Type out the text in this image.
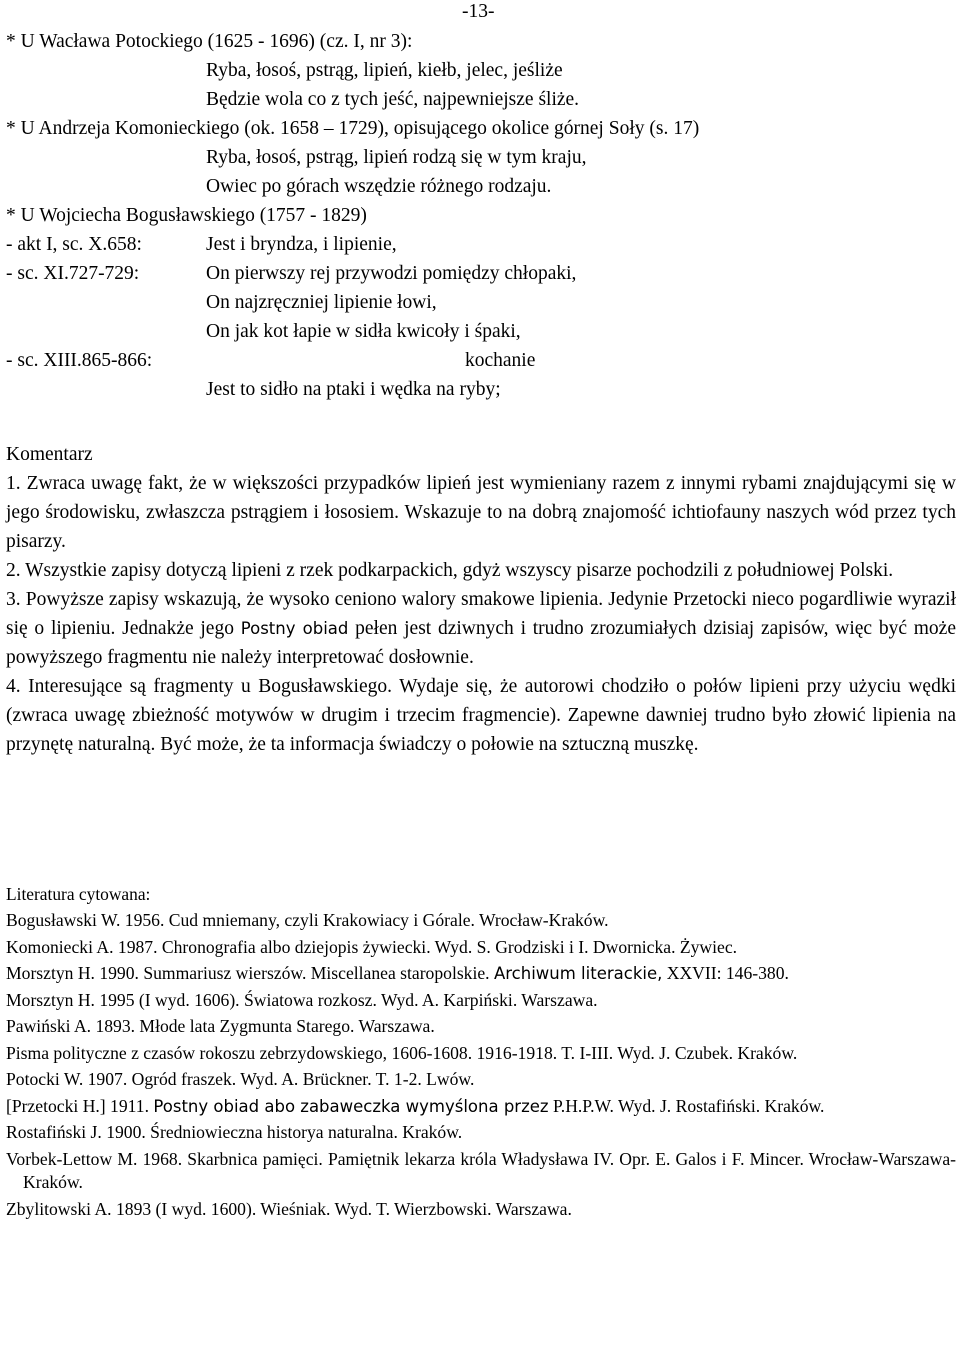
-13-
* U Wacława Potockiego (1625 - 1696) (cz. I, nr 3):
Ryba, łosoś, pstrąg, lipień, kiełb, jelec, jeśliże
Będzie wola co z tych jeść, najpewniejsze śliże.
* U Andrzeja Komonieckiego (ok. 1658 – 1729), opisującego okolice górnej Soły (s. 17)
Ryba, łosoś, pstrąg, lipień rodzą się w tym kraju,
Owiec po górach wszędzie różnego rodzaju.
* U Wojciecha Bogusławskiego (1757 - 1829)
- akt I, sc. X.658:	Jest i bryndza, i lipienie,
- sc. XI.727-729:	On pierwszy rej przywodzi pomiędzy chłopaki,
On najzręczniej lipienie łowi,
On jak kot łapie w sidła kwicoły i śpaki,
- sc. XIII.865-866:	kochanie
Jest to sidło na ptaki i wędka na ryby;

Komentarz

1. Zwraca uwagę fakt, że w większości przypadków lipień jest wymieniany razem z innymi rybami znajdującymi się w jego środowisku, zwłaszcza pstrągiem i łososiem. Wskazuje to na dobrą znajomość ichtiofauny naszych wód przez tych pisarzy.

2. Wszystkie zapisy dotyczą lipieni z rzek podkarpackich, gdyż wszyscy pisarze pochodzili z południowej Polski.

3. Powyższe zapisy wskazują, że wysoko ceniono walory smakowe lipienia. Jedynie Przetocki nieco pogardliwie wyraził się o lipieniu. Jednakże jego Postny obiad pełen jest dziwnych i trudno zrozumiałych dzisiaj zapisów, więc być może powyższego fragmentu nie należy interpretować dosłownie.

4. Interesujące są fragmenty u Bogusławskiego. Wydaje się, że autorowi chodziło o połów lipieni przy użyciu wędki (zwraca uwagę zbieżność motywów w drugim i trzecim fragmencie). Zapewne dawniej trudno było złowić lipienia na przynętę naturalną. Być może, że ta informacja świadczy o połowie na sztuczną muszkę.

Literatura cytowana:

Bogusławski W. 1956. Cud mniemany, czyli Krakowiacy i Górale. Wrocław-Kraków.

Komoniecki A. 1987. Chronografia albo dziejopis żywiecki. Wyd. S. Grodziski i I. Dwornicka. Żywiec.

Morsztyn H. 1990. Summariusz wierszów. Miscellanea staropolskie. Archiwum literackie, XXVII: 146-380.

Morsztyn H. 1995 (I wyd. 1606). Światowa rozkosz. Wyd. A. Karpiński. Warszawa.

Pawiński A. 1893. Młode lata Zygmunta Starego. Warszawa.

Pisma polityczne z czasów rokoszu zebrzydowskiego, 1606-1608. 1916-1918. T. I-III. Wyd. J. Czubek. Kraków.

Potocki W. 1907. Ogród fraszek. Wyd. A. Brückner. T. 1-2. Lwów.

[Przetocki H.] 1911. Postny obiad abo zabaweczka wymyślona przez P.H.P.W. Wyd. J. Rostafiński. Kraków.

Rostafiński J. 1900. Średniowieczna historya naturalna. Kraków.

Vorbek-Lettow M. 1968. Skarbnica pamięci. Pamiętnik lekarza króla Władysława IV. Opr. E. Galos i F. Mincer. Wrocław-Warszawa-Kraków.

Zbylitowski A. 1893 (I wyd. 1600). Wieśniak. Wyd. T. Wierzbowski. Warszawa.
